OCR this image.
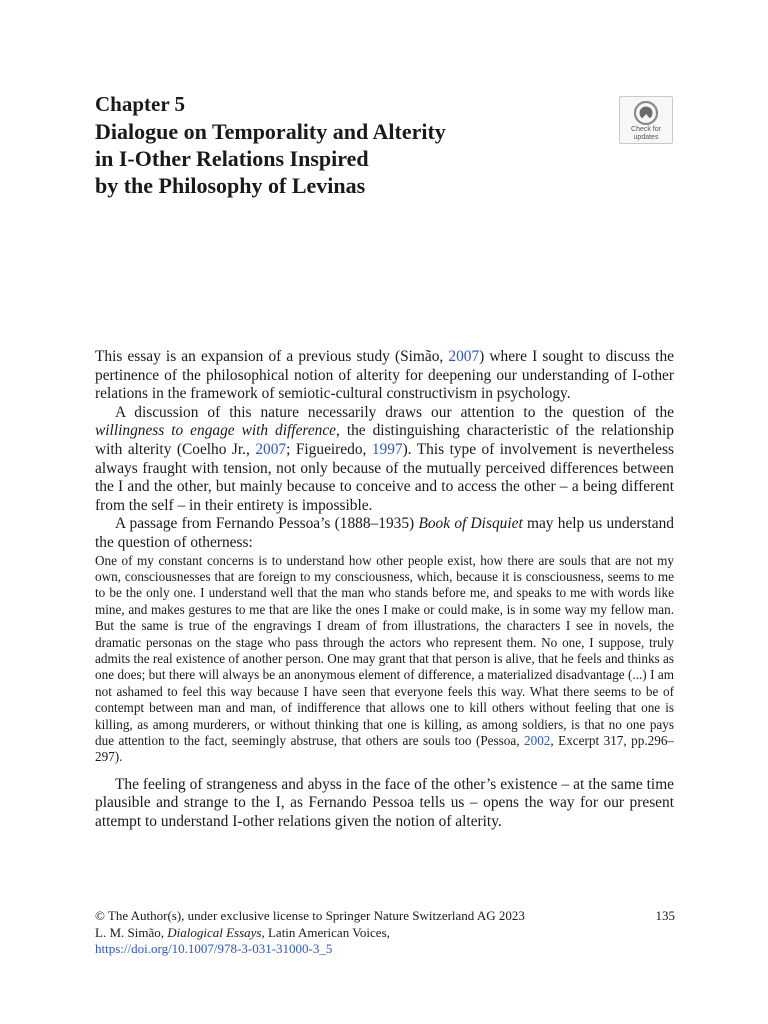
Chapter 5
Dialogue on Temporality and Alterity
in I-Other Relations Inspired
by the Philosophy of Levinas
Check for
updates

This essay is an expansion of a previous study (Simão, 2007) where I sought to discuss the pertinence of the philosophical notion of alterity for deepening our understanding of I-other relations in the framework of semiotic-cultural constructivism in psychology.

A discussion of this nature necessarily draws our attention to the question of the willingness to engage with difference, the distinguishing characteristic of the relationship with alterity (Coelho Jr., 2007; Figueiredo, 1997). This type of involvement is nevertheless always fraught with tension, not only because of the mutually perceived differences between the I and the other, but mainly because to conceive and to access the other – a being different from the self – in their entirety is impossible.

A passage from Fernando Pessoa’s (1888–1935) Book of Disquiet may help us understand the question of otherness:

One of my constant concerns is to understand how other people exist, how there are souls that are not my own, consciousnesses that are foreign to my consciousness, which, because it is consciousness, seems to me to be the only one. I understand well that the man who stands before me, and speaks to me with words like mine, and makes gestures to me that are like the ones I make or could make, is in some way my fellow man. But the same is true of the engravings I dream of from illustrations, the characters I see in novels, the dramatic personas on the stage who pass through the actors who represent them. No one, I suppose, truly admits the real existence of another person. One may grant that that person is alive, that he feels and thinks as one does; but there will always be an anonymous element of difference, a materialized disadvantage (...) I am not ashamed to feel this way because I have seen that everyone feels this way. What there seems to be of contempt between man and man, of indifference that allows one to kill others without feeling that one is killing, as among murderers, or without thinking that one is killing, as among soldiers, is that no one pays due attention to the fact, seemingly abstruse, that others are souls too (Pessoa, 2002, Excerpt 317, pp.296–297).

The feeling of strangeness and abyss in the face of the other’s existence – at the same time plausible and strange to the I, as Fernando Pessoa tells us – opens the way for our present attempt to understand I-other relations given the notion of alterity.

© The Author(s), under exclusive license to Springer Nature Switzerland AG 2023	135
L. M. Simão, Dialogical Essays, Latin American Voices,
https://doi.org/10.1007/978-3-031-31000-3_5
